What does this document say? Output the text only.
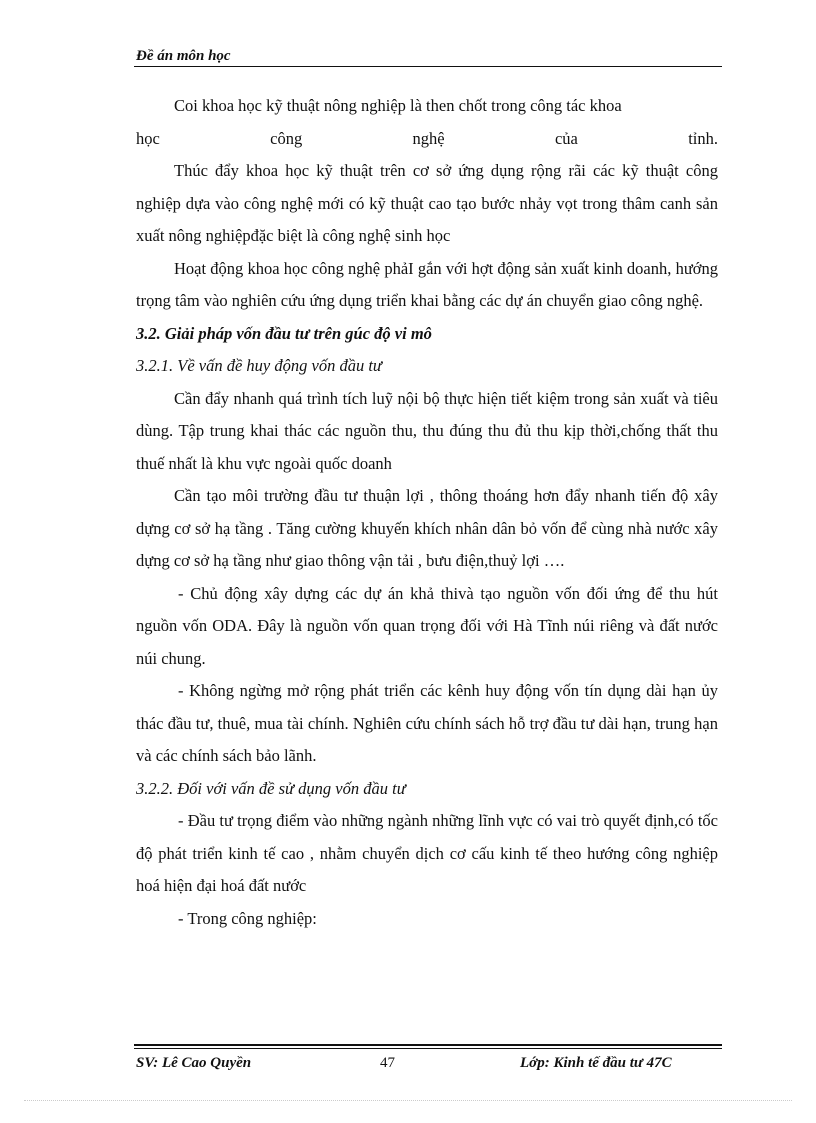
Đề án môn học

Coi khoa học kỹ thuật nông nghiệp là then chốt trong công tác khoa

học công nghệ của tỉnh.

Thúc đẩy khoa học kỹ thuật trên cơ sở ứng dụng rộng rãi các kỹ thuật công nghiệp dựa vào công nghệ mới có kỹ thuật cao tạo bước nhảy vọt trong thâm canh sản xuất nông nghiệpđặc biệt là công nghệ sinh học

Hoạt động khoa học công nghệ phảI gắn với hợt động sản xuất kinh doanh, hướng trọng tâm vào nghiên cứu ứng dụng triển khai bằng các dự án chuyển giao công nghệ.

3.2. Giải pháp vốn đầu tư trên gúc độ vi mô

3.2.1. Về vấn đề huy động vốn đầu tư

Cần đẩy nhanh quá trình tích luỹ nội bộ thực hiện tiết kiệm trong sản xuất và tiêu dùng. Tập trung khai thác các nguồn thu, thu đúng thu đủ thu kịp thời,chống thất thu thuế nhất là khu vực ngoài quốc doanh

Cần tạo môi trường đầu tư thuận lợi , thông thoáng hơn đẩy nhanh tiến độ xây dựng cơ sở hạ tầng . Tăng cường khuyến khích nhân dân bỏ vốn để cùng nhà nước xây dựng cơ sở hạ tầng như giao thông vận tải , bưu điện,thuỷ lợi ….

- Chủ động xây dựng các dự án khả thivà tạo nguồn vốn đối ứng để thu hút nguồn vốn ODA. Đây là nguồn vốn quan trọng đối với Hà Tĩnh núi riêng và đất nước núi chung.

- Không ngừng mở rộng phát triển các kênh huy động vốn tín dụng dài hạn ủy thác đầu tư, thuê, mua tài chính. Nghiên cứu chính sách hỗ trợ đầu tư dài hạn, trung hạn và các chính sách bảo lãnh.

3.2.2. Đối với vấn đề sử dụng vốn đầu tư

- Đầu tư trọng điểm vào những ngành những lĩnh vực có vai trò quyết định,có tốc độ phát triển kinh tế cao , nhằm chuyển dịch cơ cấu kinh tế theo hướng công nghiệp hoá hiện đại hoá đất nước

- Trong công nghiệp:

SV: Lê Cao Quyền	47	Lớp: Kinh tế đầu tư 47C
